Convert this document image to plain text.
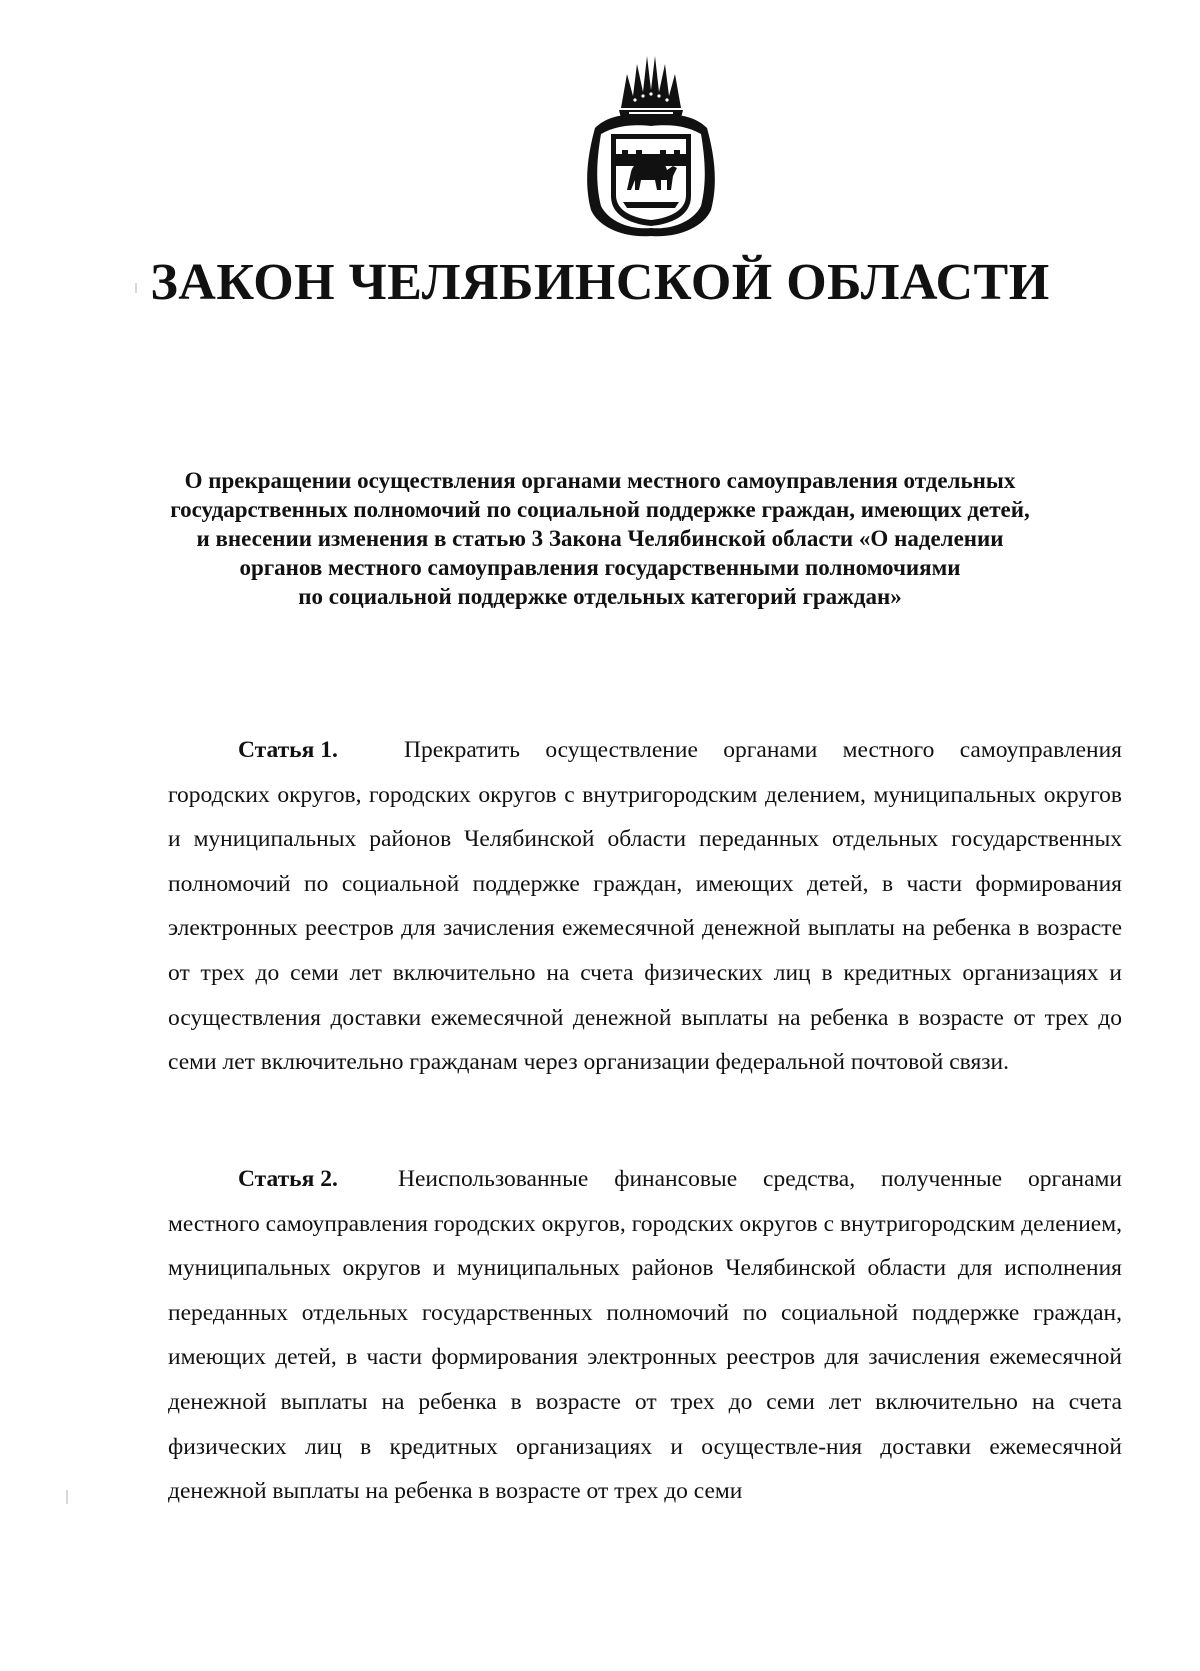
ЗАКОН ЧЕЛЯБИНСКОЙ ОБЛАСТИ
О прекращении осуществления органами местного самоуправления отдельных
государственных полномочий по социальной поддержке граждан, имеющих детей,
и внесении изменения в статью 3 Закона Челябинской области «О наделении
органов местного самоуправления государственными полномочиями
по социальной поддержке отдельных категорий граждан»

Статья 1.	Прекратить осуществление органами местного самоуправления городских округов, городских округов с внутригородским делением, муниципальных округов и муниципальных районов Челябинской области переданных отдельных государственных полномочий по социальной поддержке граждан, имеющих детей, в части формирования электронных реестров для зачисления ежемесячной денежной выплаты на ребенка в возрасте от трех до семи лет включительно на счета физических лиц в кредитных организациях и осуществления доставки ежемесячной денежной выплаты на ребенка в возрасте от трех до семи лет включительно гражданам через организации федеральной почтовой связи.

Статья 2.	Неиспользованные финансовые средства, полученные органами местного самоуправления городских округов, городских округов с внутригородским делением, муниципальных округов и муниципальных районов Челябинской области для исполнения переданных отдельных государственных полномочий по социальной поддержке граждан, имеющих детей, в части формирования электронных реестров для зачисления ежемесячной денежной выплаты на ребенка в возрасте от трех до семи лет включительно на счета физических лиц в кредитных организациях и осуществле-ния доставки ежемесячной денежной выплаты на ребенка в возрасте от трех до семи
